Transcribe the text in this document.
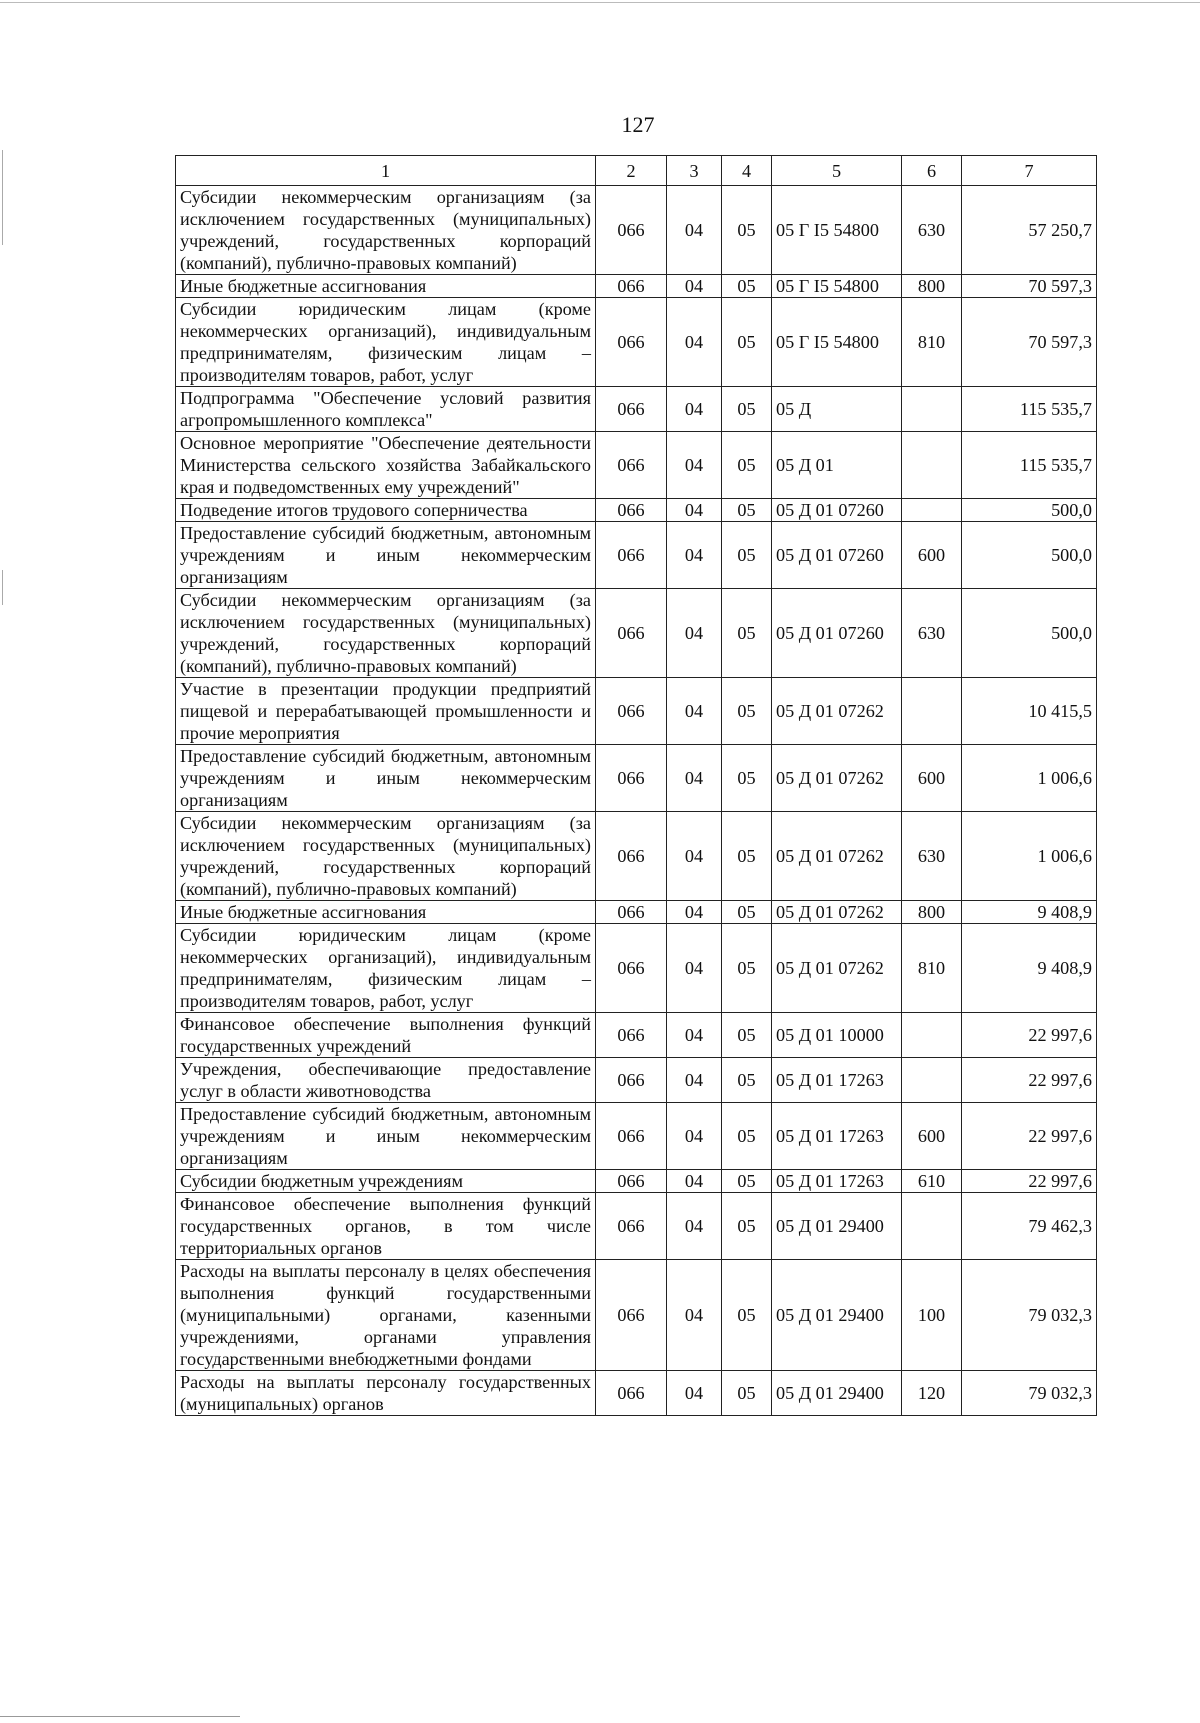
127
1	2	3	4	5	6	7
Субсидии некоммерческим организациям (за исключением государственных (муниципальных) учреждений, государственных корпораций (компаний), публично-правовых компаний)	066	04	05	05 Г I5 54800	630	57 250,7
Иные бюджетные ассигнования	066	04	05	05 Г I5 54800	800	70 597,3
Субсидии юридическим лицам (кроме некоммерческих организаций), индивидуальным предпринимателям, физическим лицам – производителям товаров, работ, услуг	066	04	05	05 Г I5 54800	810	70 597,3
Подпрограмма "Обеспечение условий развития агропромышленного комплекса"	066	04	05	05 Д		115 535,7
Основное мероприятие "Обеспечение деятельности Министерства сельского хозяйства Забайкальского края и подведомственных ему учреждений"	066	04	05	05 Д 01		115 535,7
Подведение итогов трудового соперничества	066	04	05	05 Д 01 07260		500,0
Предоставление субсидий бюджетным, автономным учреждениям и иным некоммерческим организациям	066	04	05	05 Д 01 07260	600	500,0
Субсидии некоммерческим организациям (за исключением государственных (муниципальных) учреждений, государственных корпораций (компаний), публично-правовых компаний)	066	04	05	05 Д 01 07260	630	500,0
Участие в презентации продукции предприятий пищевой и перерабатывающей промышленности и прочие мероприятия	066	04	05	05 Д 01 07262		10 415,5
Предоставление субсидий бюджетным, автономным учреждениям и иным некоммерческим организациям	066	04	05	05 Д 01 07262	600	1 006,6
Субсидии некоммерческим организациям (за исключением государственных (муниципальных) учреждений, государственных корпораций (компаний), публично-правовых компаний)	066	04	05	05 Д 01 07262	630	1 006,6
Иные бюджетные ассигнования	066	04	05	05 Д 01 07262	800	9 408,9
Субсидии юридическим лицам (кроме некоммерческих организаций), индивидуальным предпринимателям, физическим лицам – производителям товаров, работ, услуг	066	04	05	05 Д 01 07262	810	9 408,9
Финансовое обеспечение выполнения функций государственных учреждений	066	04	05	05 Д 01 10000		22 997,6
Учреждения, обеспечивающие предоставление услуг в области животноводства	066	04	05	05 Д 01 17263		22 997,6
Предоставление субсидий бюджетным, автономным учреждениям и иным некоммерческим организациям	066	04	05	05 Д 01 17263	600	22 997,6
Субсидии бюджетным учреждениям	066	04	05	05 Д 01 17263	610	22 997,6
Финансовое обеспечение выполнения функций государственных органов, в том числе территориальных органов	066	04	05	05 Д 01 29400		79 462,3
Расходы на выплаты персоналу в целях обеспечения выполнения функций государственными (муниципальными) органами, казенными учреждениями, органами управления государственными внебюджетными фондами	066	04	05	05 Д 01 29400	100	79 032,3
Расходы на выплаты персоналу государственных (муниципальных) органов	066	04	05	05 Д 01 29400	120	79 032,3
